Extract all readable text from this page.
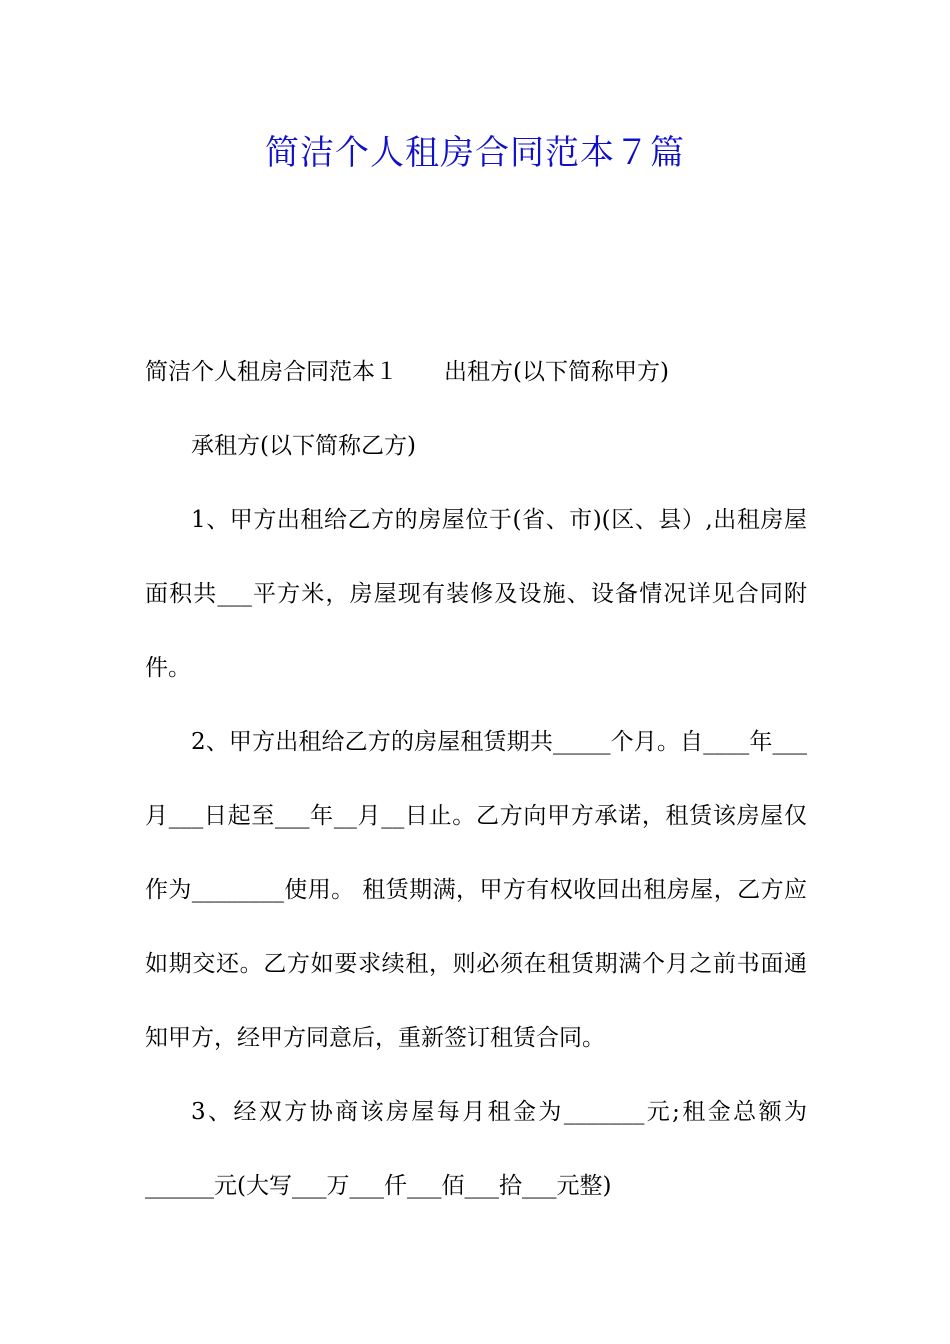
简洁个人租房合同范本７篇

简洁个人租房合同范本１ 出租方(以下简称甲方)

承租方(以下简称乙方)

1、甲方出租给乙方的房屋位于(省、市)(区、县）,出租房屋面积共___平方米，房屋现有装修及设施、设备情况详见合同附件。

2、甲方出租给乙方的房屋租赁期共_____个月。自____年___月___日起至___年__月__日止。乙方向甲方承诺，租赁该房屋仅作为________使用。 租赁期满，甲方有权收回出租房屋，乙方应如期交还。乙方如要求续租，则必须在租赁期满个月之前书面通知甲方，经甲方同意后，重新签订租赁合同。

3、经双方协商该房屋每月租金为_______元;租金总额为______元(大写___万___仟___佰___拾___元整)
